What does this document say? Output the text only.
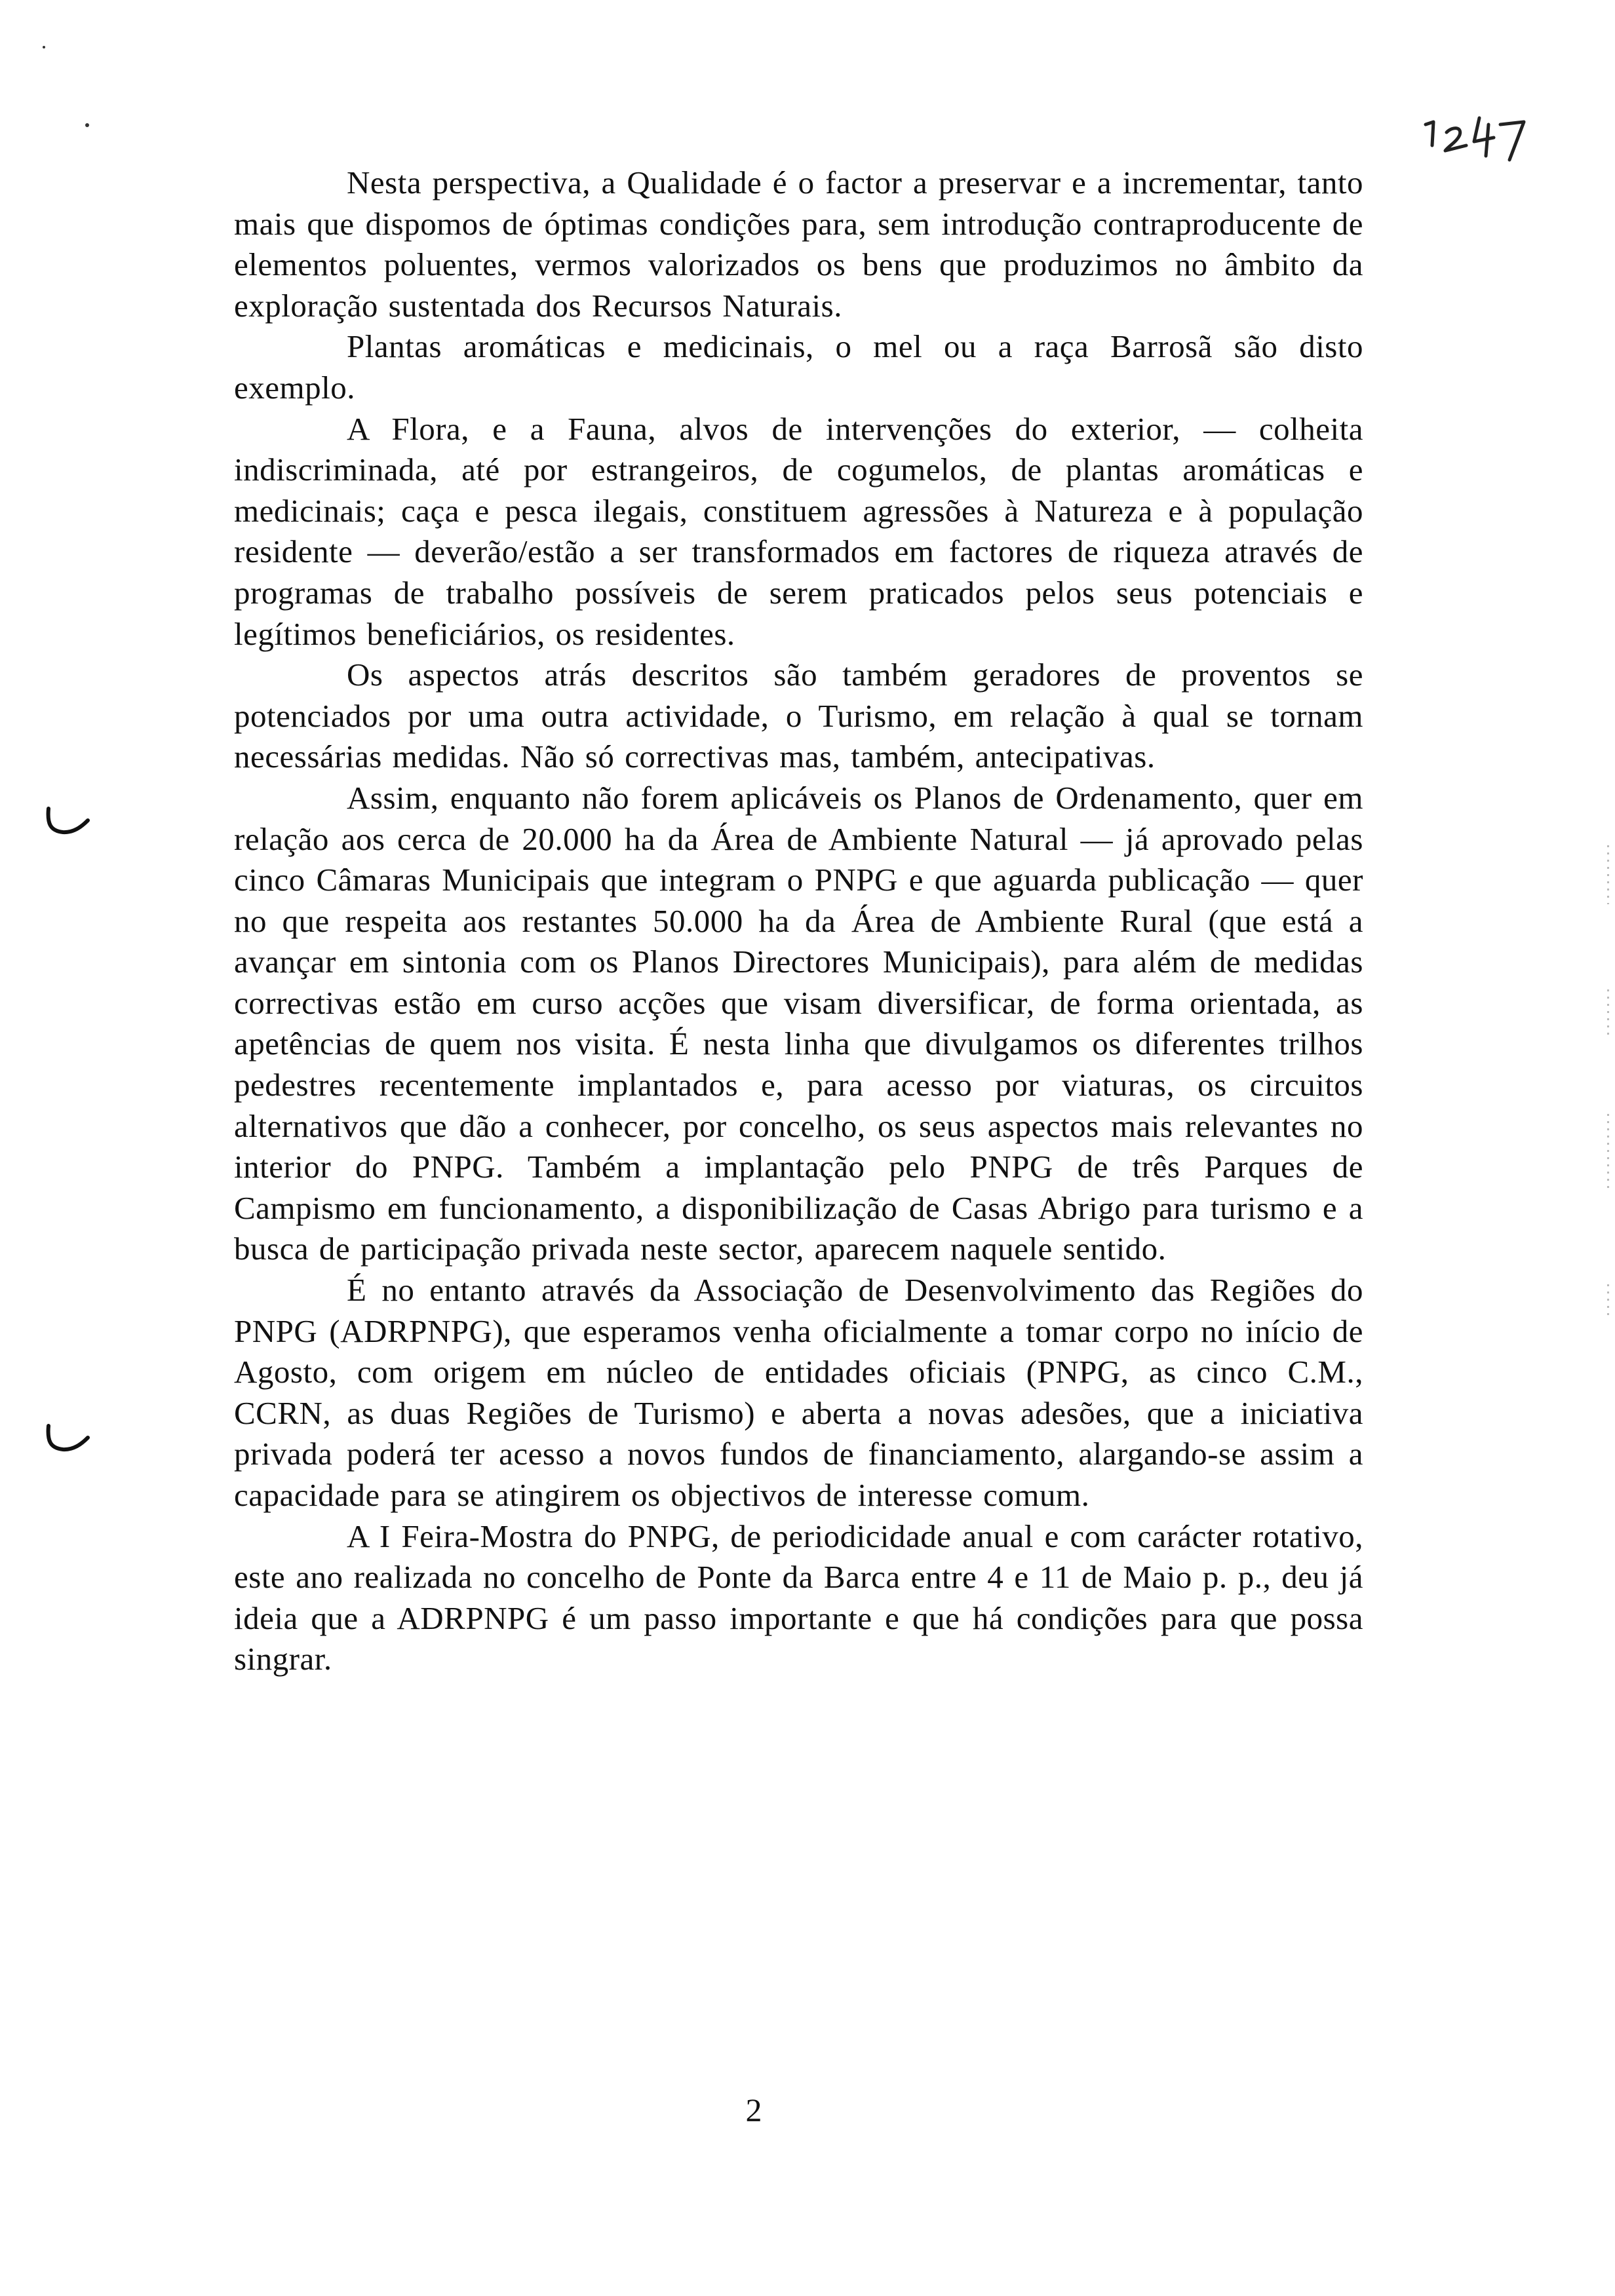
Nesta perspectiva, a Qualidade é o factor a preservar e a incrementar, tanto mais que dispomos de óptimas condições para, sem introdução contraproducente de elementos poluentes, vermos valorizados os bens que produzimos no âmbito da exploração sustentada dos Recursos Naturais.

Plantas aromáticas e medicinais, o mel ou a raça Barrosã são disto exemplo.

A Flora, e a Fauna, alvos de intervenções do exterior, — colheita indiscriminada, até por estrangeiros, de cogumelos, de plantas aromáticas e medicinais; caça e pesca ilegais, constituem agressões à Natureza e à população residente — deverão/estão a ser transformados em factores de riqueza através de programas de trabalho possíveis de serem praticados pelos seus potenciais e legítimos beneficiários, os residentes.

Os aspectos atrás descritos são também geradores de proventos se potenciados por uma outra actividade, o Turismo, em relação à qual se tornam necessárias medidas. Não só correctivas mas, também, antecipativas.

Assim, enquanto não forem aplicáveis os Planos de Ordenamento, quer em relação aos cerca de 20.000 ha da Área de Ambiente Natural — já aprovado pelas cinco Câmaras Municipais que integram o PNPG e que aguarda publicação — quer no que respeita aos restantes 50.000 ha da Área de Ambiente Rural (que está a avançar em sintonia com os Planos Directores Municipais), para além de medidas correctivas estão em curso acções que visam diversificar, de forma orientada, as apetências de quem nos visita. É nesta linha que divulgamos os diferentes trilhos pedestres recentemente implantados e, para acesso por viaturas, os circuitos alternativos que dão a conhecer, por concelho, os seus aspectos mais relevantes no interior do PNPG. Também a implantação pelo PNPG de três Parques de Campismo em funcionamento, a disponibilização de Casas Abrigo para turismo e a busca de participação privada neste sector, aparecem naquele sentido.

É no entanto através da Associação de Desenvolvimento das Regiões do PNPG (ADRPNPG), que esperamos venha oficialmente a tomar corpo no início de Agosto, com origem em núcleo de entidades oficiais (PNPG, as cinco C.M., CCRN, as duas Regiões de Turismo) e aberta a novas adesões, que a iniciativa privada poderá ter acesso a novos fundos de financiamento, alargando-se assim a capacidade para se atingirem os objectivos de interesse comum.

A I Feira-Mostra do PNPG, de periodicidade anual e com carácter rotativo, este ano realizada no concelho de Ponte da Barca entre 4 e 11 de Maio p. p., deu já ideia que a ADRPNPG é um passo importante e que há condições para que possa singrar.

2
